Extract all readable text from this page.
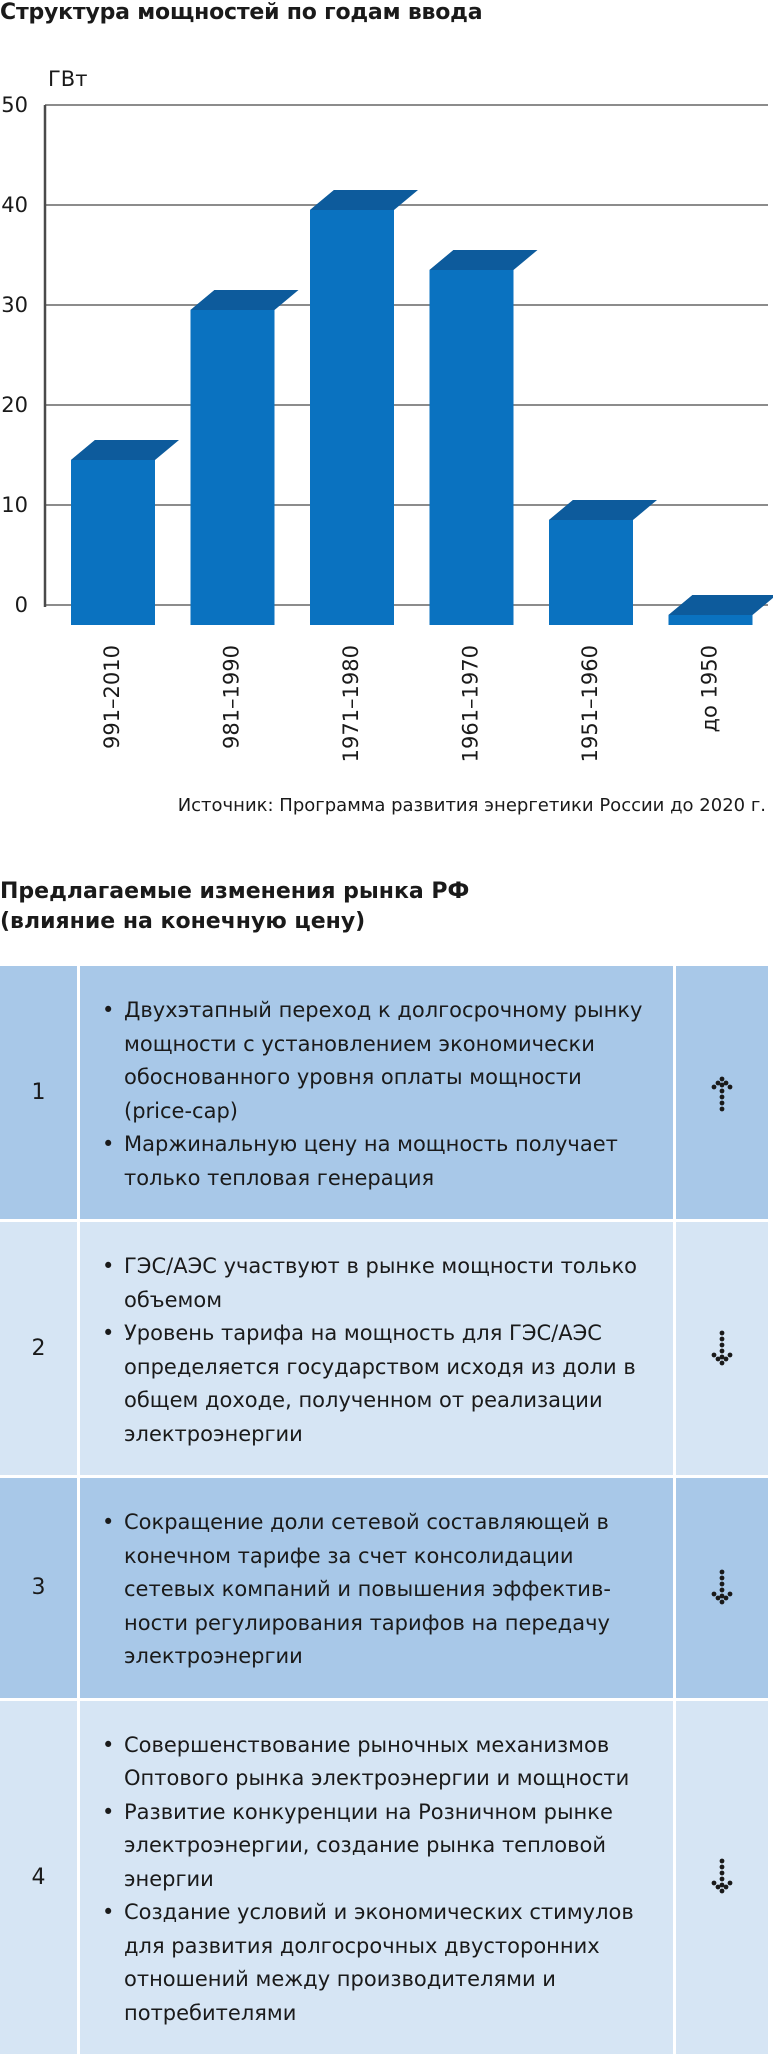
Структура мощностей по годам ввода
0
10
20
30
40
50
991–2010	981–1990	1971–1980	1961–1970	1951–1960	до 1950
ГВт
Источник: Программа развития энергетики России до 2020 г.
Предлагаемые изменения рынка РФ
(влияние на конечную цену)
1
• Двухэтапный переход к долгосрочному рынку мощности с установлением экономически обоснованного уровня оплаты мощности (price-cap)
• Маржинальную цену на мощность получает только тепловая генерация
2
• ГЭС/АЭС участвуют в рынке мощности только объемом
• Уровень тарифа на мощность для ГЭС/АЭС определяется государством исходя из доли в общем доходе, полученном от реализации электроэнергии
3
• Сокращение доли сетевой составляющей в конечном тарифе за счет консолидации сетевых компаний и повышения эффектив-ности регулирования тарифов на передачу электроэнергии
4
• Совершенствование рыночных механизмов Оптового рынка электроэнергии и мощности
• Развитие конкуренции на Розничном рынке электроэнергии, создание рынка тепловой энергии
• Создание условий и экономических стимулов для развития долгосрочных двусторонних отношений между производителями и потребителями
